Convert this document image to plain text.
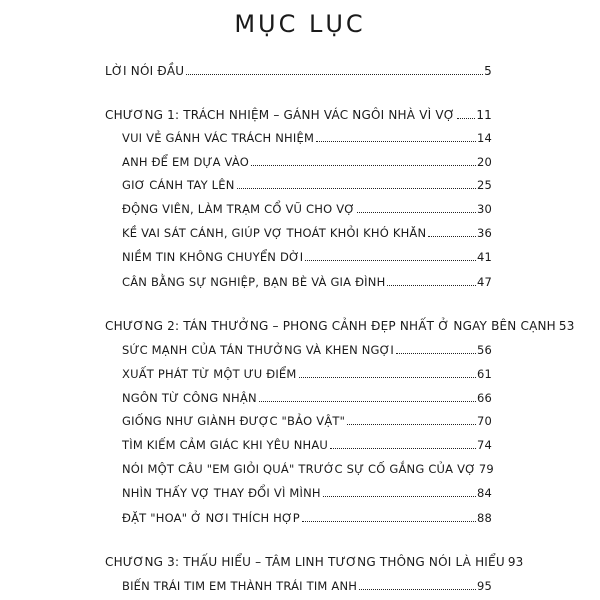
MỤC LỤC
LỜI NÓI ĐẦU	5
CHƯƠNG 1: TRÁCH NHIỆM – GÁNH VÁC NGÔI NHÀ VÌ VỢ 11
VUI VẺ GÁNH VÁC TRÁCH NHIỆM	14
ANH ĐỂ EM DỰA VÀO	20
GIƠ CÁNH TAY LÊN	25
ĐỘNG VIÊN, LÀM TRẠM CỔ VŨ CHO VỢ	30
KỀ VAI SÁT CÁNH, GIÚP VỢ THOÁT KHỎI KHÓ KHĂN	36
NIỀM TIN KHÔNG CHUYỂN DỜI	41
CÂN BẰNG SỰ NGHIỆP, BẠN BÈ VÀ GIA ĐÌNH	47
CHƯƠNG 2: TÁN THƯỞNG – PHONG CẢNH ĐẸP NHẤT Ở NGAY BÊN CẠNH 53
SỨC MẠNH CỦA TÁN THƯỞNG VÀ KHEN NGỢI	56
XUẤT PHÁT TỪ MỘT ƯU ĐIỂM	61
NGÔN TỪ CÔNG NHẬN	66
GIỐNG NHƯ GIÀNH ĐƯỢC "BẢO VẬT"	70
TÌM KIẾM CẢM GIÁC KHI YÊU NHAU	74
NÓI MỘT CÂU "EM GIỎI QUÁ" TRƯỚC SỰ CỐ GẮNG CỦA VỢ 79
NHÌN THẤY VỢ THAY ĐỔI VÌ MÌNH	84
ĐẶT "HOA" Ở NƠI THÍCH HỢP	88
CHƯƠNG 3: THẤU HIỂU – TÂM LINH TƯƠNG THÔNG NÓI LÀ HIỂU 93
BIẾN TRÁI TIM EM THÀNH TRÁI TIM ANH	95
